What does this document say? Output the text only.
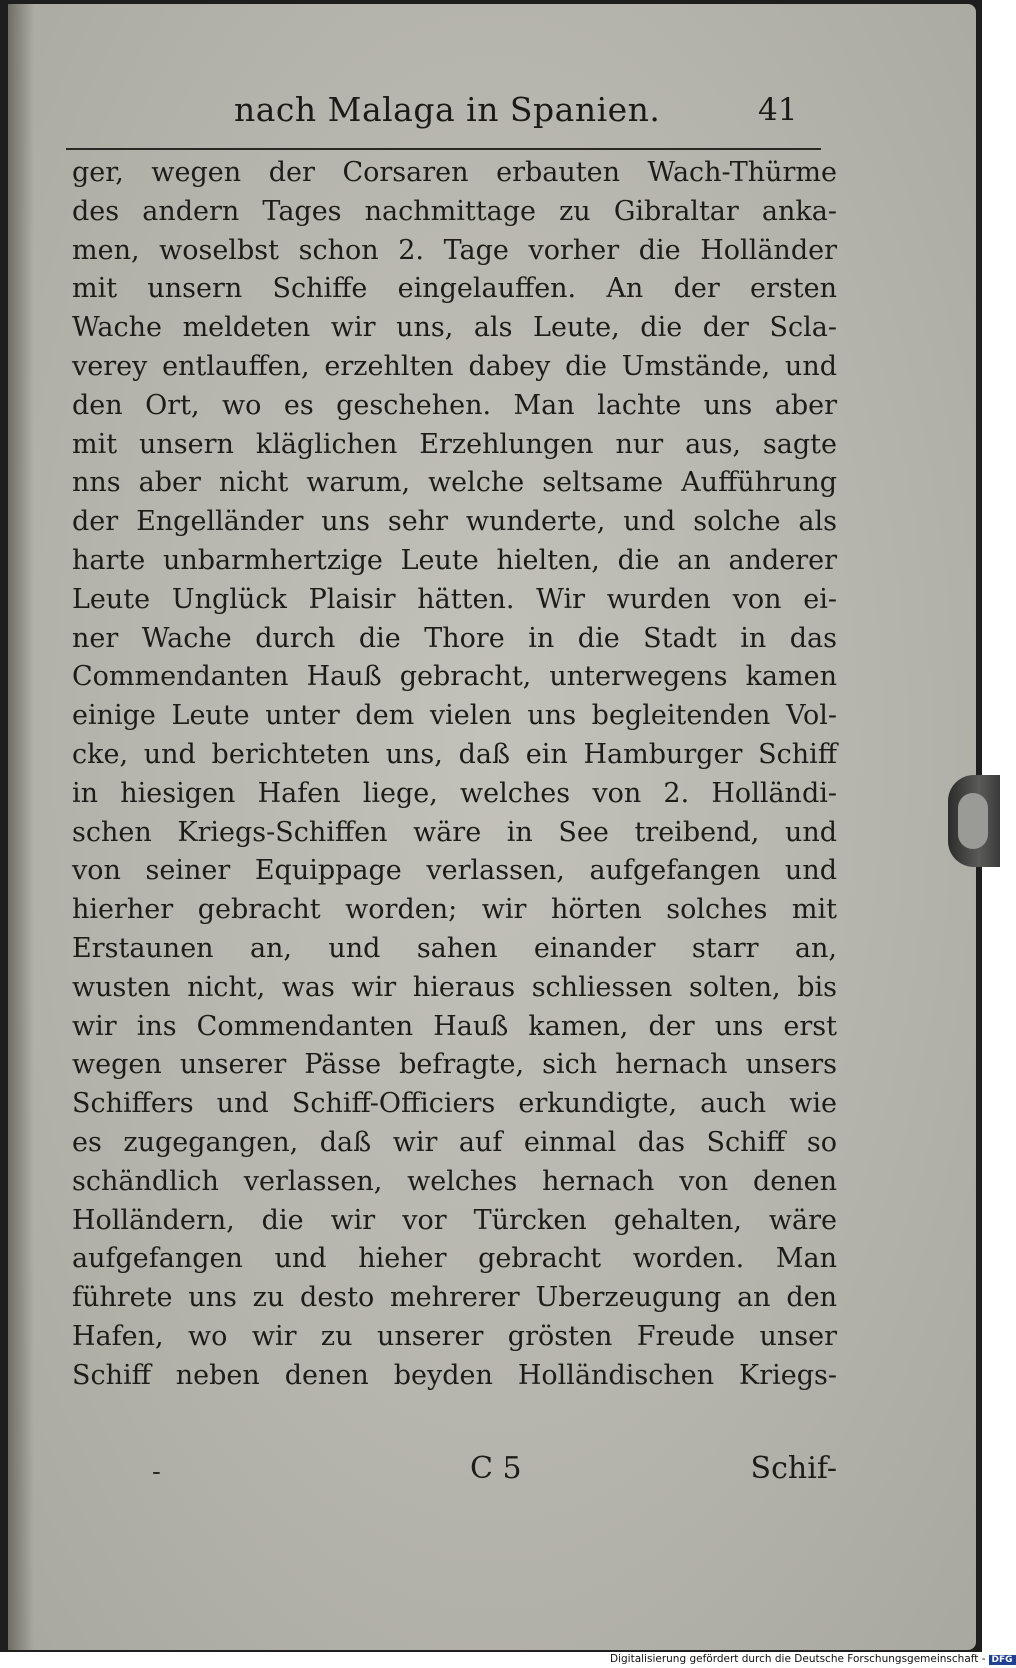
nach Malaga in Spanien.	41
ger, wegen der Corsaren erbauten Wach-Thürme
des andern Tages nachmittage zu Gibraltar anka-
men, woselbst schon 2. Tage vorher die Holländer
mit unsern Schiffe eingelauffen. An der ersten
Wache meldeten wir uns, als Leute, die der Scla-
verey entlauffen, erzehlten dabey die Umstände, und
den Ort, wo es geschehen. Man lachte uns aber
mit unsern kläglichen Erzehlungen nur aus, sagte
nns aber nicht warum, welche seltsame Aufführung
der Engelländer uns sehr wunderte, und solche als
harte unbarmhertzige Leute hielten, die an anderer
Leute Unglück Plaisir hätten. Wir wurden von ei-
ner Wache durch die Thore in die Stadt in das
Commendanten Hauß gebracht, unterwegens kamen
einige Leute unter dem vielen uns begleitenden Vol-
cke, und berichteten uns, daß ein Hamburger Schiff
in hiesigen Hafen liege, welches von 2. Holländi-
schen Kriegs-Schiffen wäre in See treibend, und
von seiner Equippage verlassen, aufgefangen und
hierher gebracht worden; wir hörten solches mit
Erstaunen an, und sahen einander starr an,
wusten nicht, was wir hieraus schliessen solten, bis
wir ins Commendanten Hauß kamen, der uns erst
wegen unserer Pässe befragte, sich hernach unsers
Schiffers und Schiff-Officiers erkundigte, auch wie
es zugegangen, daß wir auf einmal das Schiff so
schändlich verlassen, welches hernach von denen
Holländern, die wir vor Türcken gehalten, wäre
aufgefangen und hieher gebracht worden. Man
führete uns zu desto mehrerer Uberzeugung an den
Hafen, wo wir zu unserer grösten Freude unser
Schiff neben denen beyden Holländischen Kriegs-
-	C 5	Schif-
Digitalisierung gefördert durch die Deutsche Forschungsgemeinschaft - DFG
